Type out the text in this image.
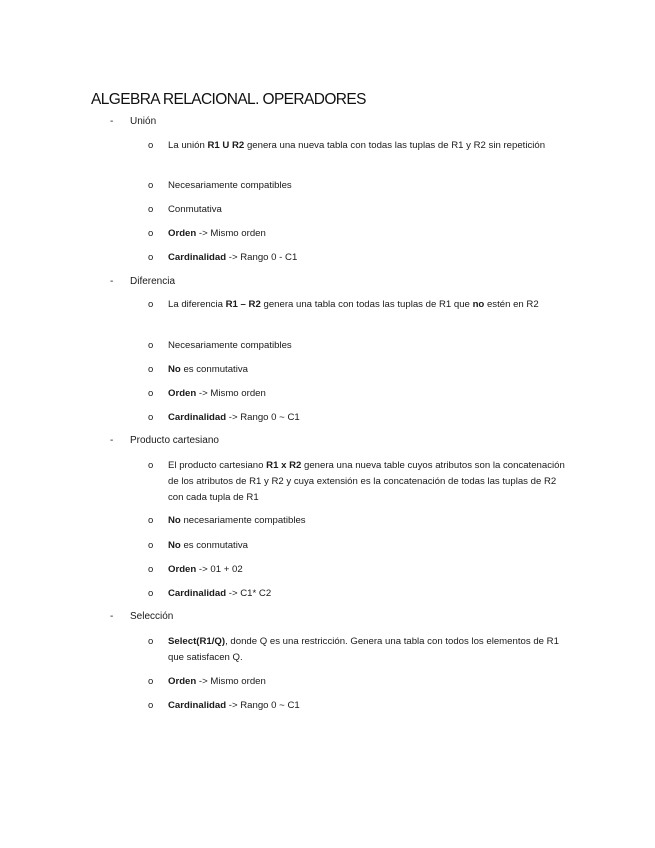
ALGEBRA RELACIONAL. OPERADORES
- Unión
o La unión R1 U R2 genera una nueva tabla con todas las tuplas de R1 y R2 sin repetición
o Necesariamente compatibles
o Conmutativa
o Orden -> Mismo orden
o Cardinalidad -> Rango 0 - C1
- Diferencia
o La diferencia R1 – R2 genera una tabla con todas las tuplas de R1 que no estén en R2
o Necesariamente compatibles
o No es conmutativa
o Orden -> Mismo orden
o Cardinalidad -> Rango 0 ~ C1
- Producto cartesiano
o El producto cartesiano R1 x R2 genera una nueva table cuyos atributos son la concatenación de los atributos de R1 y R2 y cuya extensión es la concatenación de todas las tuplas de R2 con cada tupla de R1
o No necesariamente compatibles
o No es conmutativa
o Orden -> 01 + 02
o Cardinalidad -> C1* C2
- Selección
o Select(R1/Q), donde Q es una restricción. Genera una tabla con todos los elementos de R1 que satisfacen Q.
o Orden -> Mismo orden
o Cardinalidad -> Rango 0 ~ C1
